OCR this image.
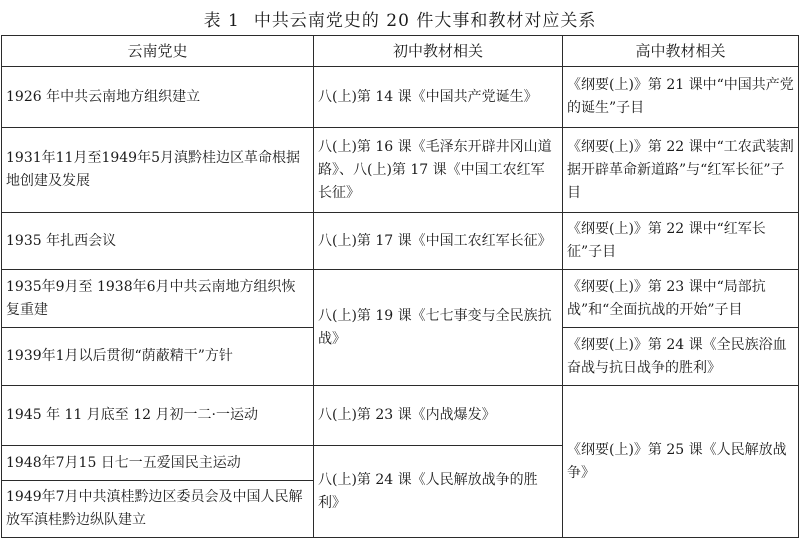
表 1 中共云南党史的 20 件大事和教材对应关系
云南党史	初中教材相关	高中教材相关
1926 年中共云南地方组织建立	八(上)第 14 课《中国共产党诞生》	《纲要(上)》第 21 课中“中国共产党的诞生”子目
1931年11月至1949年5月滇黔桂边区革命根据地创建及发展	八(上)第 16 课《毛泽东开辟井冈山道路》、八(上)第 17 课《中国工农红军长征》	《纲要(上)》第 22 课中“工农武装割据开辟革命新道路”与“红军长征”子目
1935 年扎西会议	八(上)第 17 课《中国工农红军长征》	《纲要(上)》第 22 课中“红军长征”子目
1935年9月至 1938年6月中共云南地方组织恢复重建	八(上)第 19 课《七七事变与全民族抗战》	《纲要(上)》第 23 课中“局部抗战”和“全面抗战的开始”子目
1939年1月以后贯彻“荫蔽精干”方针		《纲要(上)》第 24 课《全民族浴血奋战与抗日战争的胜利》
1945 年 11 月底至 12 月初一二·一运动	八(上)第 23 课《内战爆发》	《纲要(上)》第 25 课《人民解放战争》
1948年7月15 日七一五爱国民主运动	八(上)第 24 课《人民解放战争的胜利》	
1949年7月中共滇桂黔边区委员会及中国人民解放军滇桂黔边纵队建立		
